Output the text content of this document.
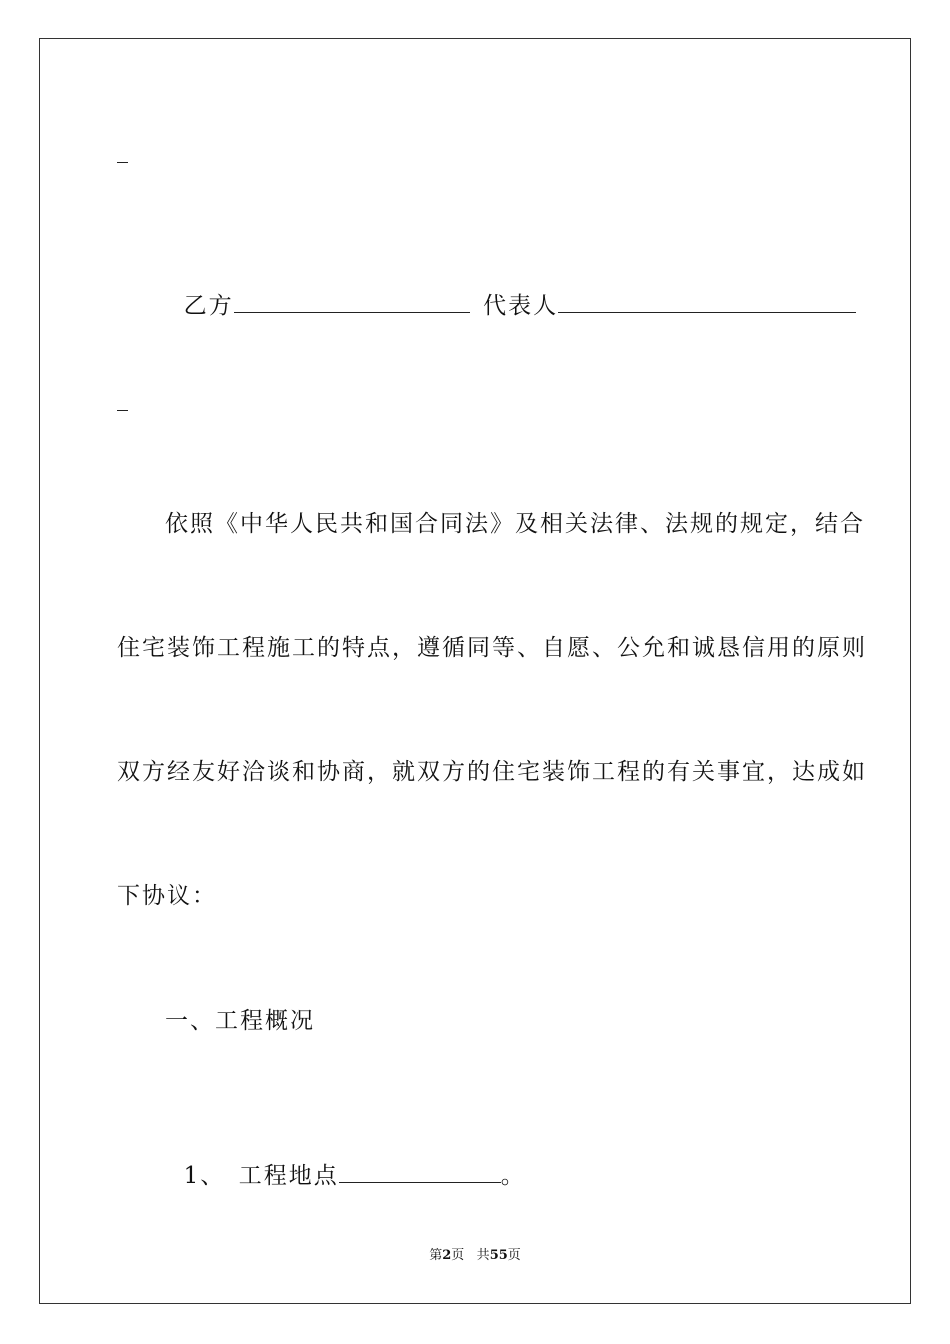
乙方 	代表人

依照《中华人民共和国合同法》及相关法律、法规的规定，结合
住宅装饰工程施工的特点，遵循同等、自愿、公允和诚恳信用的原则
双方经友好洽谈和协商，就双方的住宅装饰工程的有关事宜，达成如
下协议：
一、工程概况

1、  工程地点	。

第2页 共55页
